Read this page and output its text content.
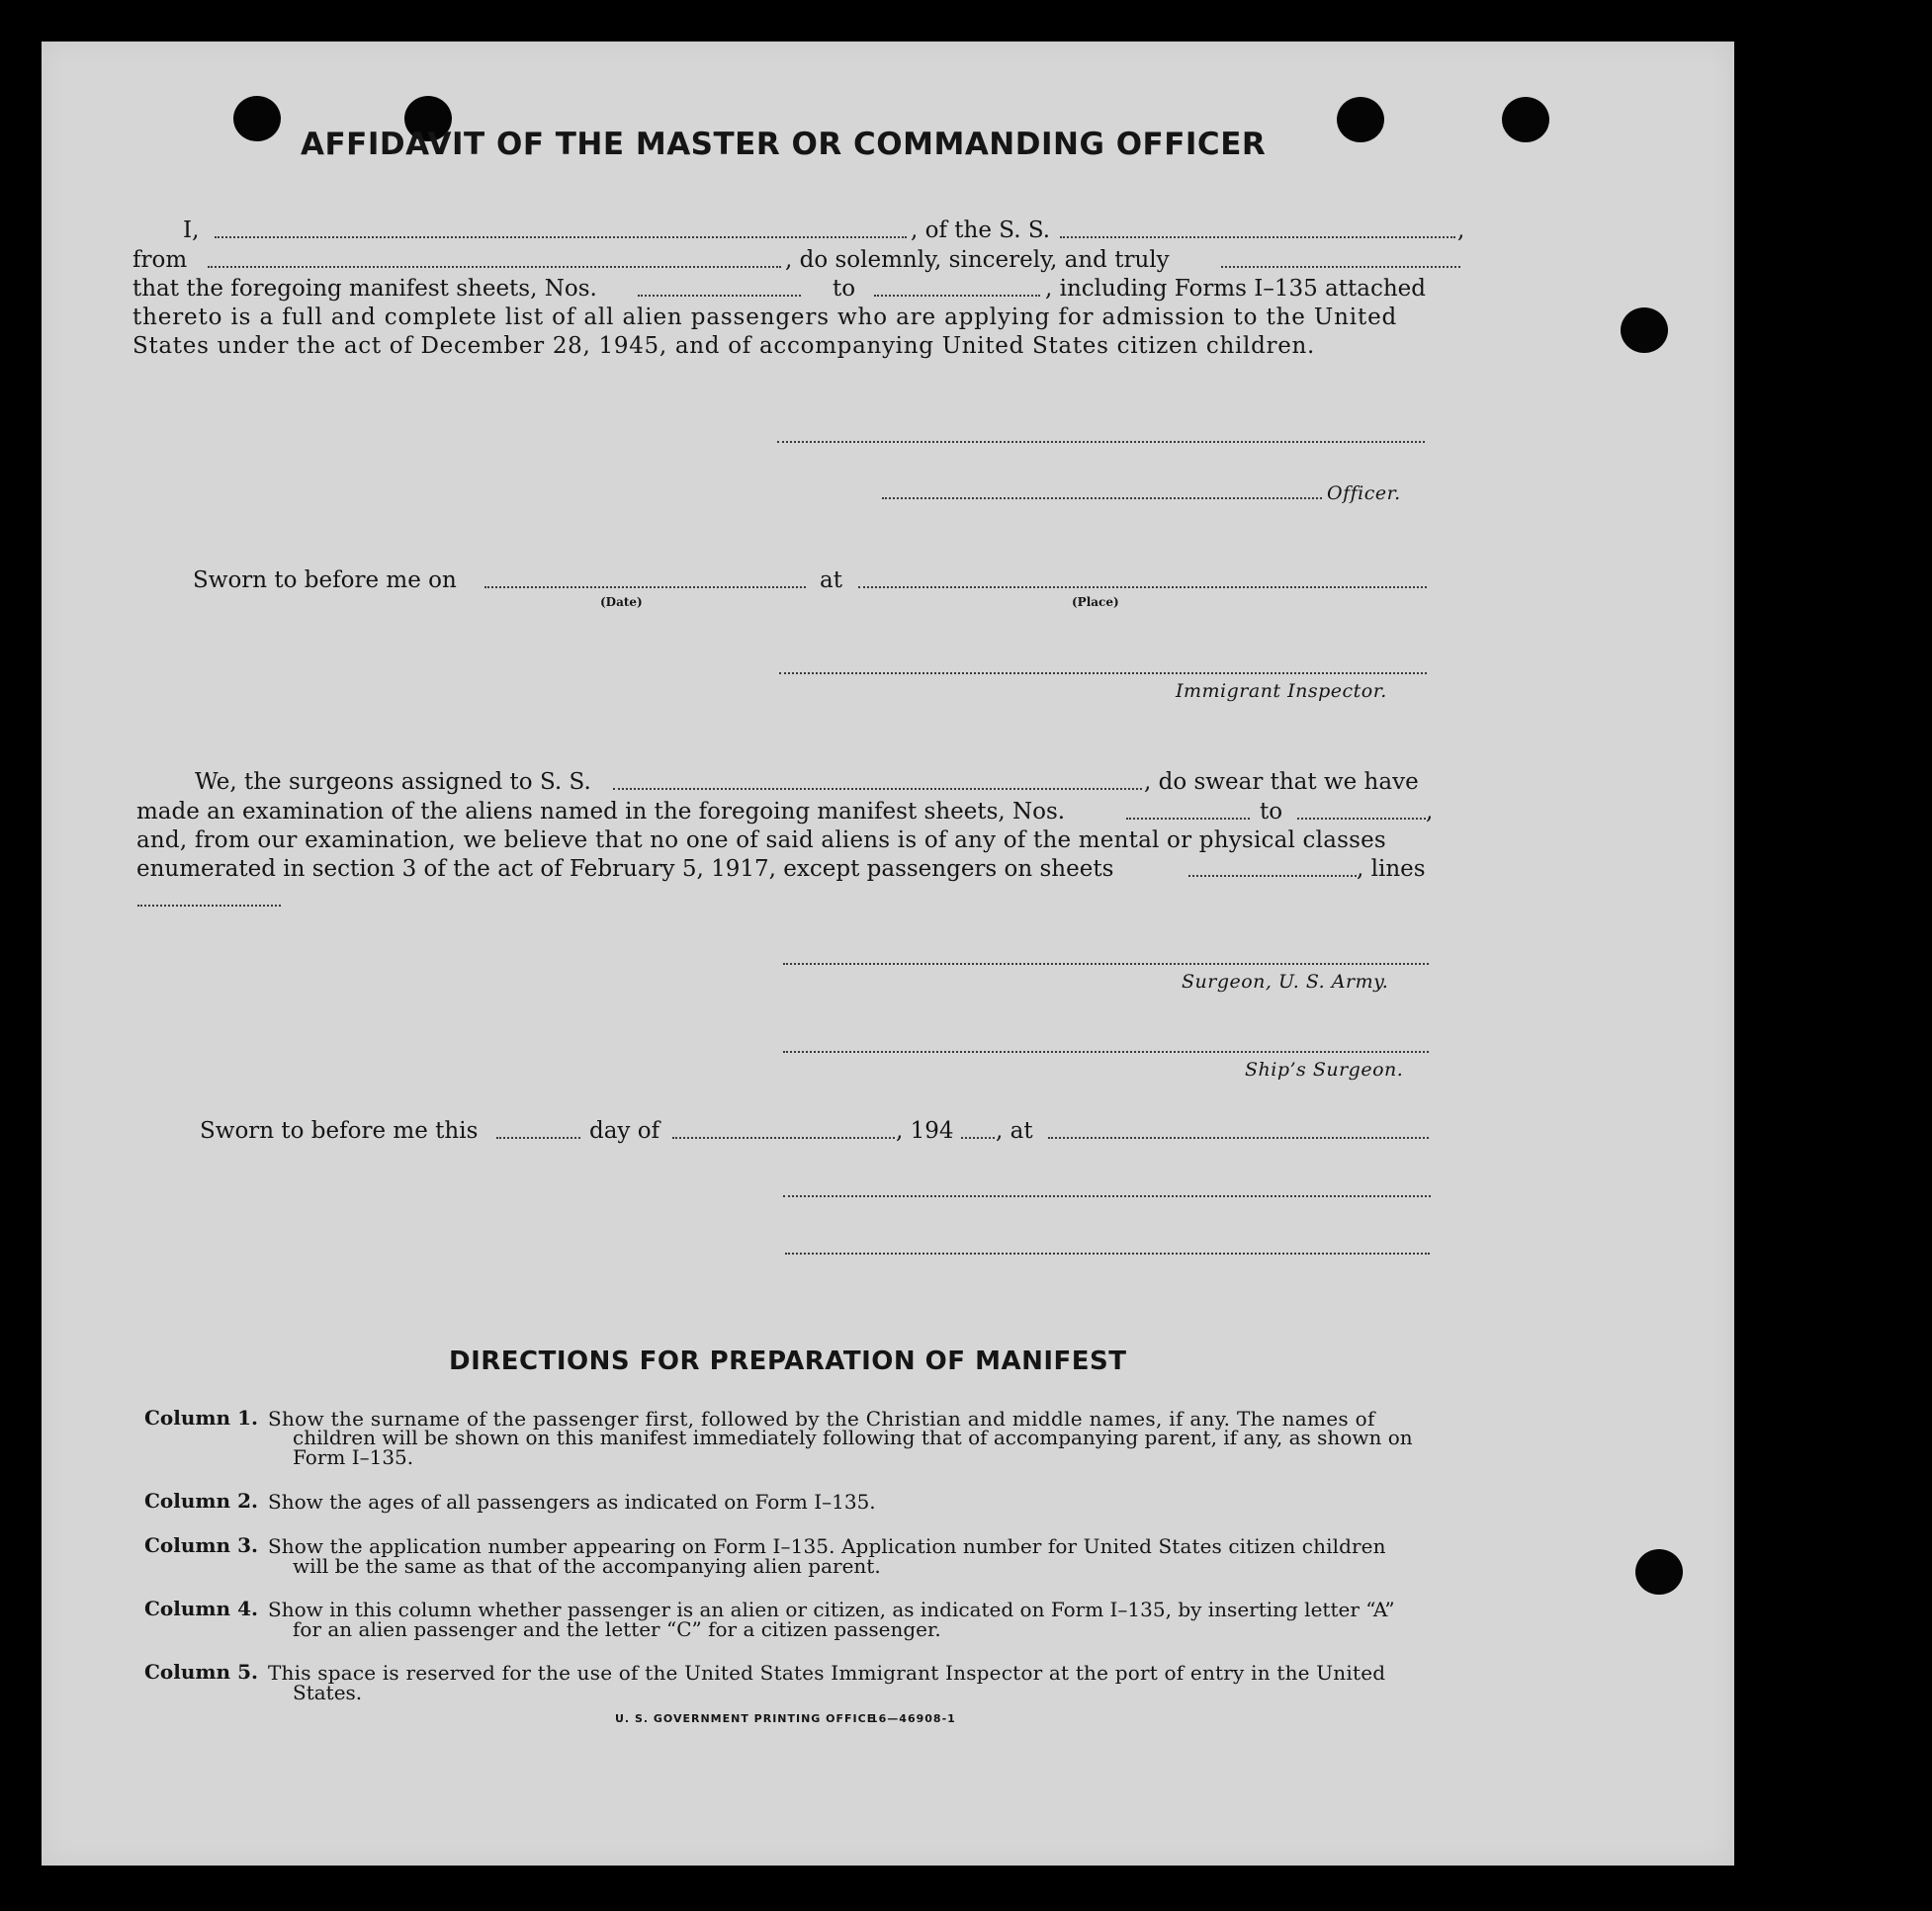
AFFIDAVIT OF THE MASTER OR COMMANDING OFFICER
I,	, of the S. S.	,
from	, do solemnly, sincerely, and truly
that the foregoing manifest sheets, Nos.	to	, including Forms I–135 attached
thereto is a full and complete list of all alien passengers who are applying for admission to the United
States under the act of December 28, 1945, and of accompanying United States citizen children.
Officer.
Sworn to before me on
(Date)
at
(Place)
Immigrant Inspector.
We, the surgeons assigned to S. S.	, do swear that we have
made an examination of the aliens named in the foregoing manifest sheets, Nos.	to	,
and, from our examination, we believe that no one of said aliens is of any of the mental or physical classes
enumerated in section 3 of the act of February 5, 1917, except passengers on sheets	, lines
Surgeon, U. S. Army.
Ship’s Surgeon.
Sworn to before me this	day of	, 194 , at
DIRECTIONS FOR PREPARATION OF MANIFEST
Column 1. Show the surname of the passenger first, followed by the Christian and middle names, if any. The names of
children will be shown on this manifest immediately following that of accompanying parent, if any, as shown on Form I–135.
Column 2. Show the ages of all passengers as indicated on Form I–135.
Column 3. Show the application number appearing on Form I–135. Application number for United States citizen children
will be the same as that of the accompanying alien parent.
Column 4. Show in this column whether passenger is an alien or citizen, as indicated on Form I–135, by inserting letter “A”
for an alien passenger and the letter “C” for a citizen passenger.
Column 5. This space is reserved for the use of the United States Immigrant Inspector at the port of entry in the United
States.
U. S. GOVERNMENT PRINTING OFFICE
16—46908-1
